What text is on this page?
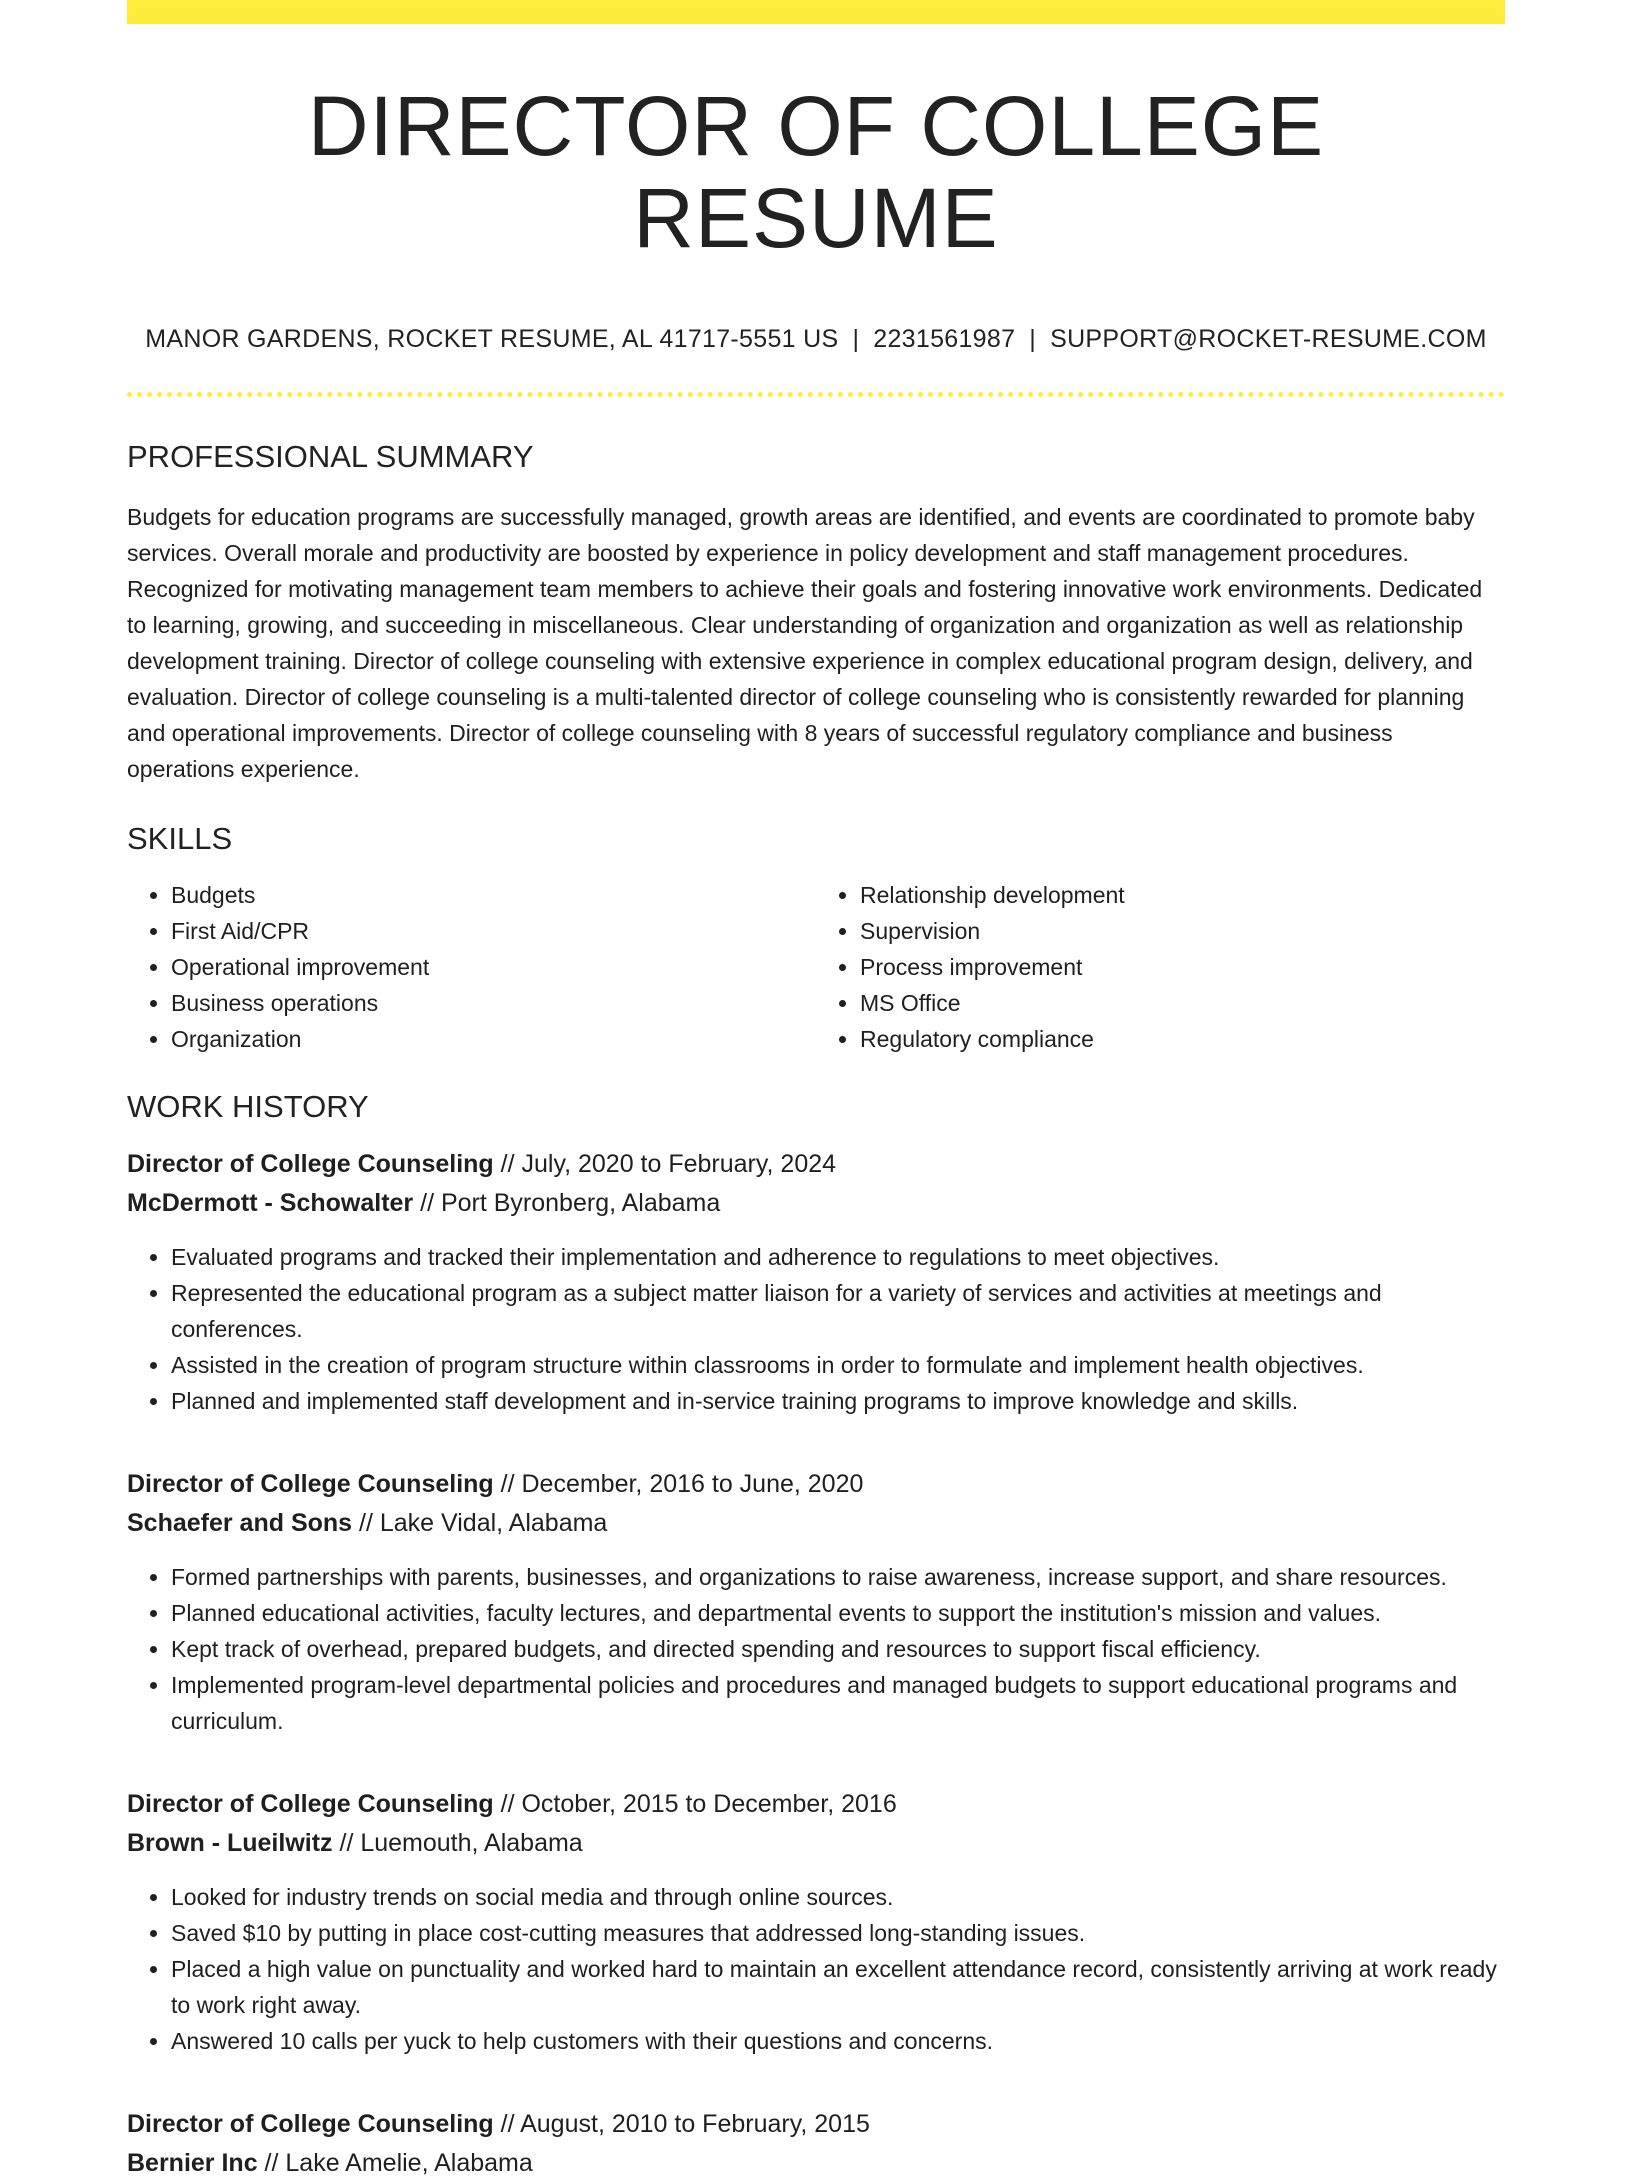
DIRECTOR OF COLLEGE RESUME
MANOR GARDENS, ROCKET RESUME, AL 41717-5551 US | 2231561987 | SUPPORT@ROCKET-RESUME.COM
PROFESSIONAL SUMMARY

Budgets for education programs are successfully managed, growth areas are identified, and events are coordinated to promote baby services. Overall morale and productivity are boosted by experience in policy development and staff management procedures. Recognized for motivating management team members to achieve their goals and fostering innovative work environments. Dedicated to learning, growing, and succeeding in miscellaneous. Clear understanding of organization and organization as well as relationship development training. Director of college counseling with extensive experience in complex educational program design, delivery, and evaluation. Director of college counseling is a multi-talented director of college counseling who is consistently rewarded for planning and operational improvements. Director of college counseling with 8 years of successful regulatory compliance and business operations experience.

SKILLS
• Budgets
• First Aid/CPR
• Operational improvement
• Business operations
• Organization
• Relationship development
• Supervision
• Process improvement
• MS Office
• Regulatory compliance
WORK HISTORY
Director of College Counseling // July, 2020 to February, 2024
McDermott - Schowalter // Port Byronberg, Alabama
• Evaluated programs and tracked their implementation and adherence to regulations to meet objectives.
• Represented the educational program as a subject matter liaison for a variety of services and activities at meetings and conferences.
• Assisted in the creation of program structure within classrooms in order to formulate and implement health objectives.
• Planned and implemented staff development and in-service training programs to improve knowledge and skills.
Director of College Counseling // December, 2016 to June, 2020
Schaefer and Sons // Lake Vidal, Alabama
• Formed partnerships with parents, businesses, and organizations to raise awareness, increase support, and share resources.
• Planned educational activities, faculty lectures, and departmental events to support the institution's mission and values.
• Kept track of overhead, prepared budgets, and directed spending and resources to support fiscal efficiency.
• Implemented program-level departmental policies and procedures and managed budgets to support educational programs and curriculum.
Director of College Counseling // October, 2015 to December, 2016
Brown - Lueilwitz // Luemouth, Alabama
• Looked for industry trends on social media and through online sources.
• Saved $10 by putting in place cost-cutting measures that addressed long-standing issues.
• Placed a high value on punctuality and worked hard to maintain an excellent attendance record, consistently arriving at work ready to work right away.
• Answered 10 calls per yuck to help customers with their questions and concerns.
Director of College Counseling // August, 2010 to February, 2015
Bernier Inc // Lake Amelie, Alabama
